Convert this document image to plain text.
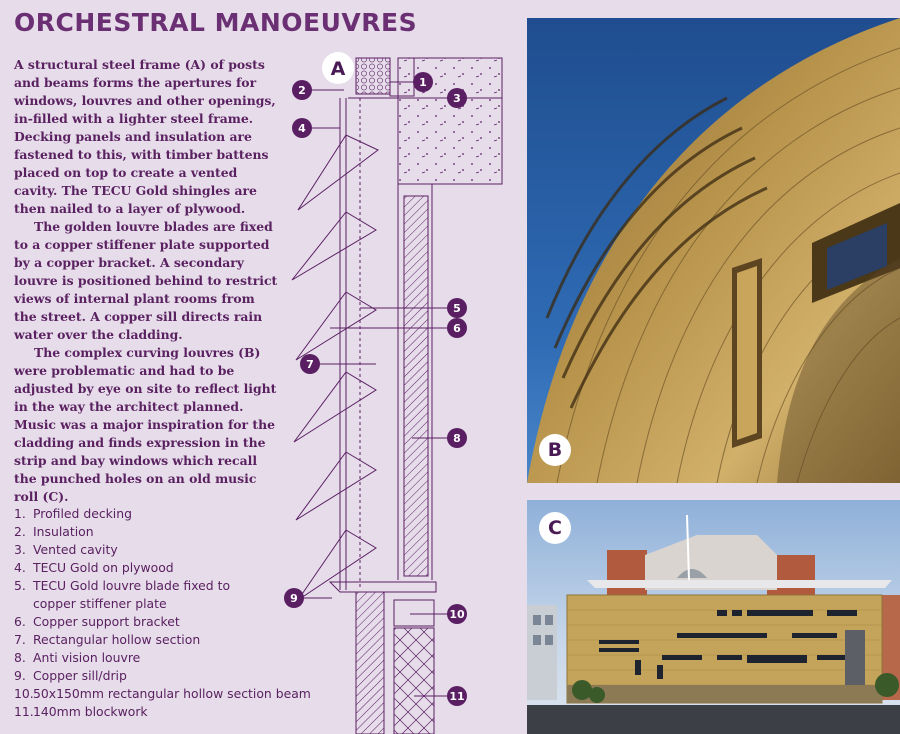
ORCHESTRAL MANOEUVRES

A structural steel frame (A) of posts and beams forms the apertures for windows, louvres and other openings, in-filled with a lighter steel frame. Decking panels and insulation are fastened to this, with timber battens placed on top to create a vented cavity. The TECU Gold shingles are then nailed to a layer of plywood.

The golden louvre blades are fixed to a copper stiffener plate supported by a copper bracket. A secondary louvre is positioned behind to restrict views of internal plant rooms from the street. A copper sill directs rain water over the cladding.

The complex curving louvres (B) were problematic and had to be adjusted by eye on site to reflect light in the way the architect planned. Music was a major inspiration for the cladding and finds expression in the strip and bay windows which recall the punched holes on an old music roll (C).

1. Profiled decking
2. Insulation
3. Vented cavity
4. TECU Gold on plywood
5. TECU Gold louvre blade fixed to
copper stiffener plate
6. Copper support bracket
7. Rectangular hollow section
8. Anti vision louvre
9. Copper sill/drip
10. 50x150mm rectangular hollow section beam
11. 140mm blockwork
A
1
2
3
4
5
6
7
8
9
10
11
B
C
